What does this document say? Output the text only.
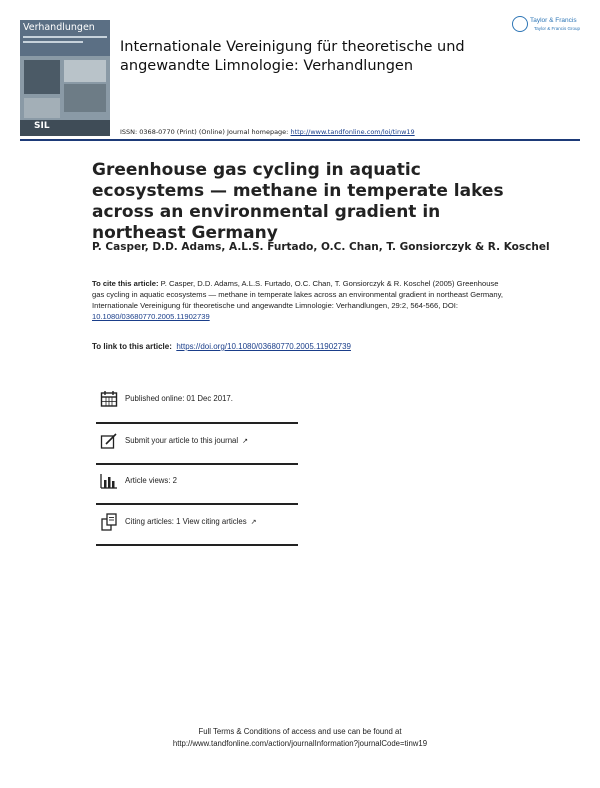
Verhandlungen
SIL
Internationale Vereinigung für theoretische und angewandte Limnologie: Verhandlungen
Taylor & Francis
Taylor & Francis Group
ISSN: 0368-0770 (Print) (Online) Journal homepage: http://www.tandfonline.com/loi/tinw19
Greenhouse gas cycling in aquatic ecosystems — methane in temperate lakes across an environmental gradient in northeast Germany
P. Casper, D.D. Adams, A.L.S. Furtado, O.C. Chan, T. Gonsiorczyk & R. Koschel
To cite this article: P. Casper, D.D. Adams, A.L.S. Furtado, O.C. Chan, T. Gonsiorczyk & R. Koschel (2005) Greenhouse gas cycling in aquatic ecosystems — methane in temperate lakes across an environmental gradient in northeast Germany, Internationale Vereinigung für theoretische und angewandte Limnologie: Verhandlungen, 29:2, 564-566, DOI: 10.1080/03680770.2005.11902739
To link to this article: https://doi.org/10.1080/03680770.2005.11902739
Published online: 01 Dec 2017.
Submit your article to this journal ↗
Article views: 2
Citing articles: 1 View citing articles ↗
Full Terms & Conditions of access and use can be found at
http://www.tandfonline.com/action/journalInformation?journalCode=tinw19
